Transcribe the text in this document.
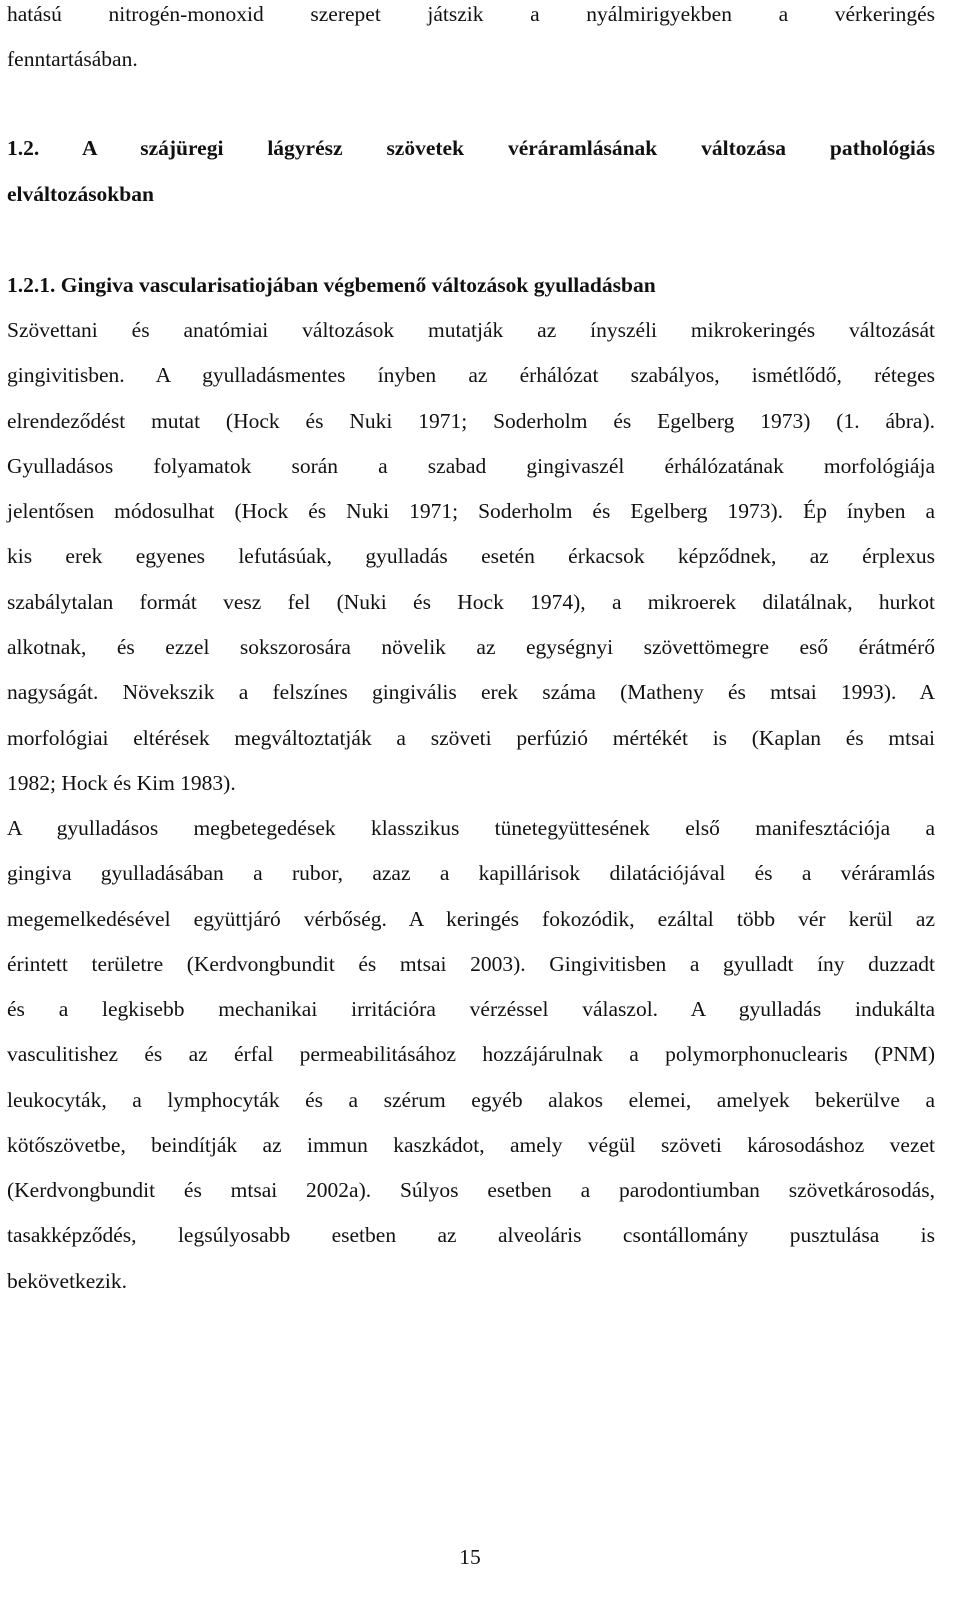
hatású nitrogén-monoxid szerepet játszik a nyálmirigyekben a vérkeringés

fenntartásában.

1.2. A szájüregi lágyrész szövetek véráramlásának változása pathológiás

elváltozásokban

1.2.1. Gingiva vascularisatiojában végbemenő változások gyulladásban

Szövettani és anatómiai változások mutatják az ínyszéli mikrokeringés változását

gingivitisben. A gyulladásmentes ínyben az érhálózat szabályos, ismétlődő, réteges

elrendeződést mutat (Hock és Nuki 1971; Soderholm és Egelberg 1973) (1. ábra).

Gyulladásos folyamatok során a szabad gingivaszél érhálózatának morfológiája

jelentősen módosulhat (Hock és Nuki 1971; Soderholm és Egelberg 1973). Ép ínyben a

kis erek egyenes lefutásúak, gyulladás esetén érkacsok képződnek, az érplexus

szabálytalan formát vesz fel (Nuki és Hock 1974), a mikroerek dilatálnak, hurkot

alkotnak, és ezzel sokszorosára növelik az egységnyi szövettömegre eső érátmérő

nagyságát. Növekszik a felszínes gingivális erek száma (Matheny és mtsai 1993). A

morfológiai eltérések megváltoztatják a szöveti perfúzió mértékét is (Kaplan és mtsai

1982; Hock és Kim 1983).

A gyulladásos megbetegedések klasszikus tünetegyüttesének első manifesztációja a

gingiva gyulladásában a rubor, azaz a kapillárisok dilatációjával és a véráramlás

megemelkedésével együttjáró vérbőség. A keringés fokozódik, ezáltal több vér kerül az

érintett területre (Kerdvongbundit és mtsai 2003). Gingivitisben a gyulladt íny duzzadt

és a legkisebb mechanikai irritációra vérzéssel válaszol. A gyulladás indukálta

vasculitishez és az érfal permeabilitásához hozzájárulnak a polymorphonuclearis (PNM)

leukocyták, a lymphocyták és a szérum egyéb alakos elemei, amelyek bekerülve a

kötőszövetbe, beindítják az immun kaszkádot, amely végül szöveti károsodáshoz vezet

(Kerdvongbundit és mtsai 2002a). Súlyos esetben a parodontiumban szövetkárosodás,

tasakképződés, legsúlyosabb esetben az alveoláris csontállomány pusztulása is

bekövetkezik.

15
